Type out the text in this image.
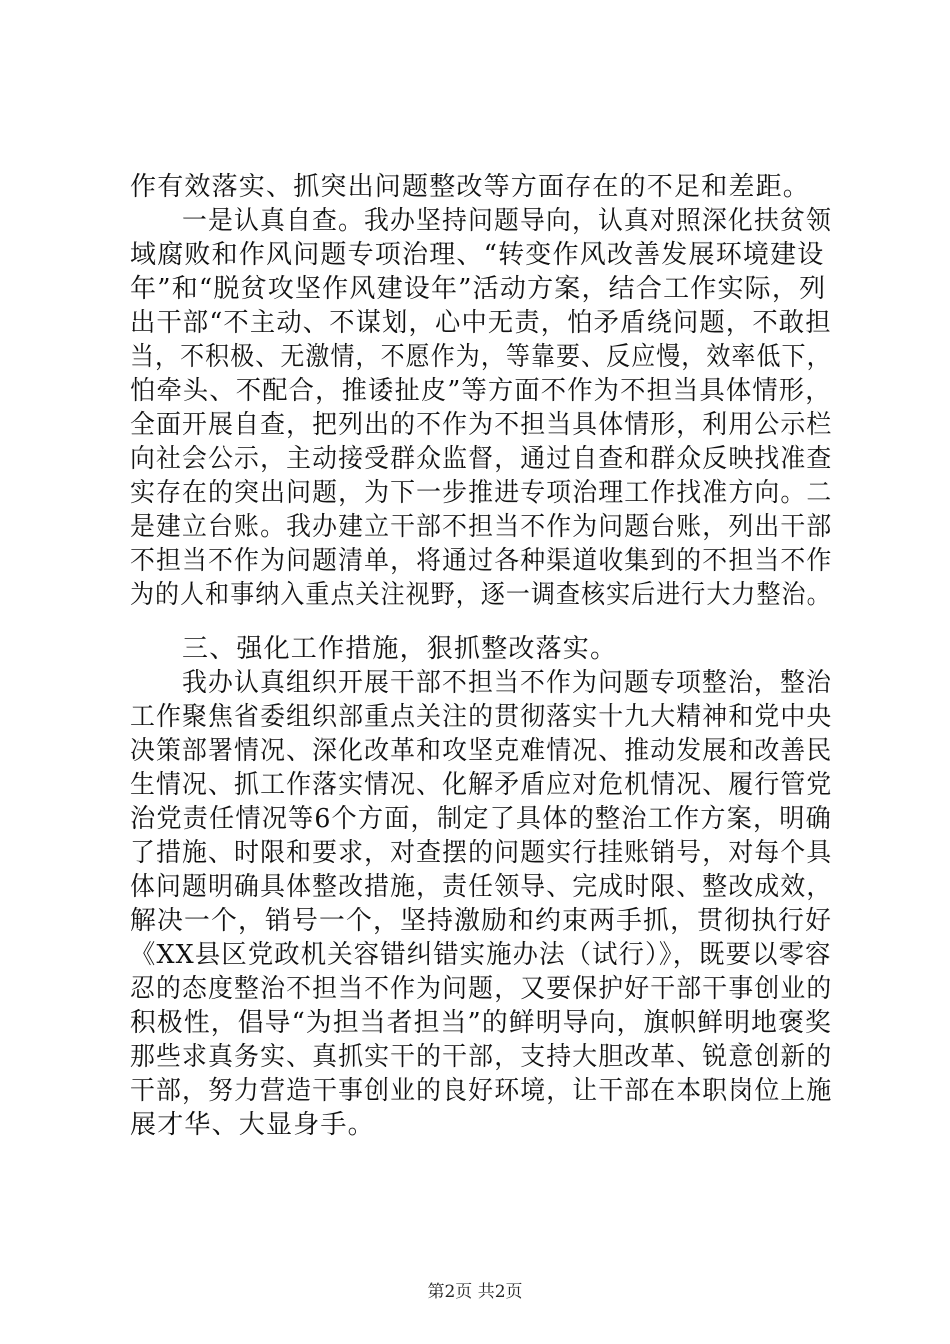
作有效落实、抓突出问题整改等方面存在的不足和差距。
一是认真自查。我办坚持问题导向，认真对照深化扶贫领
域腐败和作风问题专项治理、“转变作风改善发展环境建设
年”和“脱贫攻坚作风建设年”活动方案，结合工作实际，列
出干部“不主动、不谋划，心中无责，怕矛盾绕问题，不敢担
当，不积极、无激情，不愿作为，等靠要、反应慢，效率低下，
怕牵头、不配合，推诿扯皮”等方面不作为不担当具体情形，
全面开展自查，把列出的不作为不担当具体情形，利用公示栏
向社会公示，主动接受群众监督，通过自查和群众反映找准查
实存在的突出问题，为下一步推进专项治理工作找准方向。二
是建立台账。我办建立干部不担当不作为问题台账，列出干部
不担当不作为问题清单，将通过各种渠道收集到的不担当不作
为的人和事纳入重点关注视野，逐一调查核实后进行大力整治。
三、强化工作措施，狠抓整改落实。
我办认真组织开展干部不担当不作为问题专项整治，整治
工作聚焦省委组织部重点关注的贯彻落实十九大精神和党中央
决策部署情况、深化改革和攻坚克难情况、推动发展和改善民
生情况、抓工作落实情况、化解矛盾应对危机情况、履行管党
治党责任情况等6个方面，制定了具体的整治工作方案，明确
了措施、时限和要求，对查摆的问题实行挂账销号，对每个具
体问题明确具体整改措施，责任领导、完成时限、整改成效，
解决一个，销号一个，坚持激励和约束两手抓，贯彻执行好
《XX县区党政机关容错纠错实施办法（试行）》，既要以零容
忍的态度整治不担当不作为问题，又要保护好干部干事创业的
积极性，倡导“为担当者担当”的鲜明导向，旗帜鲜明地褒奖
那些求真务实、真抓实干的干部，支持大胆改革、锐意创新的
干部，努力营造干事创业的良好环境，让干部在本职岗位上施
展才华、大显身手。
第2页 共2页
